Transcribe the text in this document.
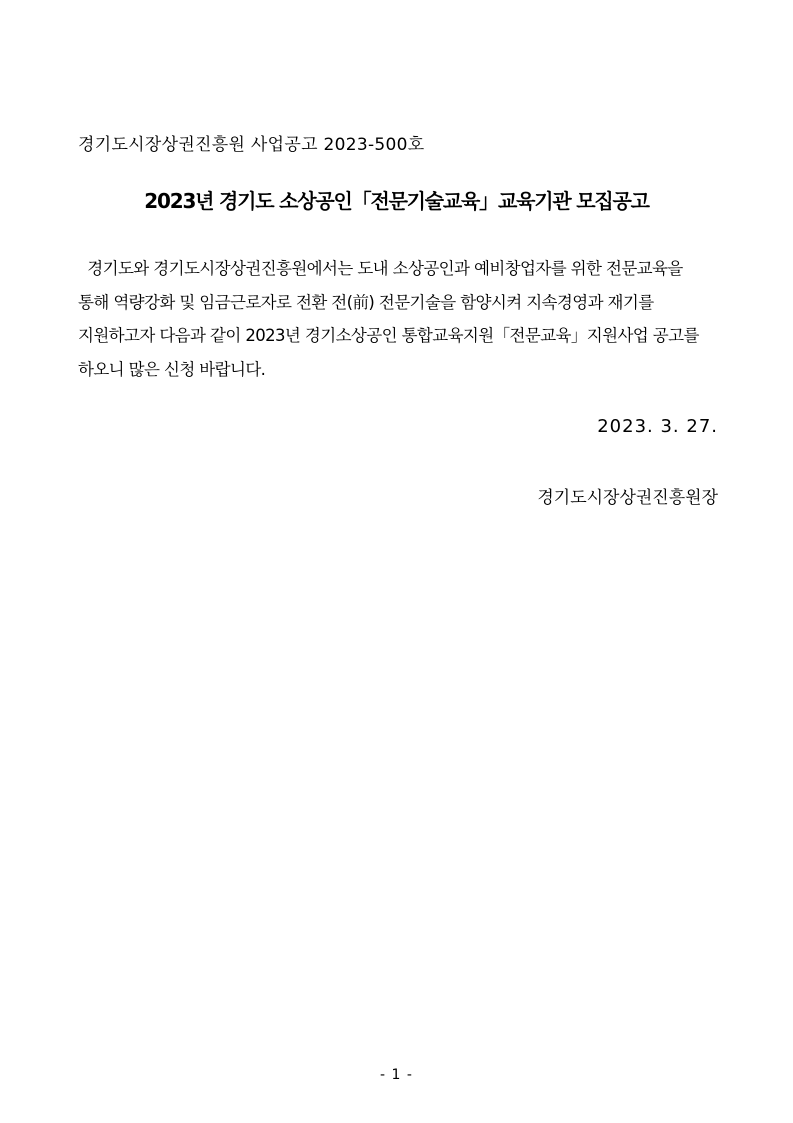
경기도시장상권진흥원 사업공고 2023-500호
2023년 경기도 소상공인「전문기술교육」교육기관 모집공고
경기도와 경기도시장상권진흥원에서는 도내 소상공인과 예비창업자를 위한 전문교육을
통해 역량강화 및 임금근로자로 전환 전(前) 전문기술을 함양시켜 지속경영과 재기를
지원하고자 다음과 같이 2023년 경기소상공인 통합교육지원「전문교육」지원사업 공고를
하오니 많은 신청 바랍니다.
2023. 3. 27.
경기도시장상권진흥원장
- 1 -
